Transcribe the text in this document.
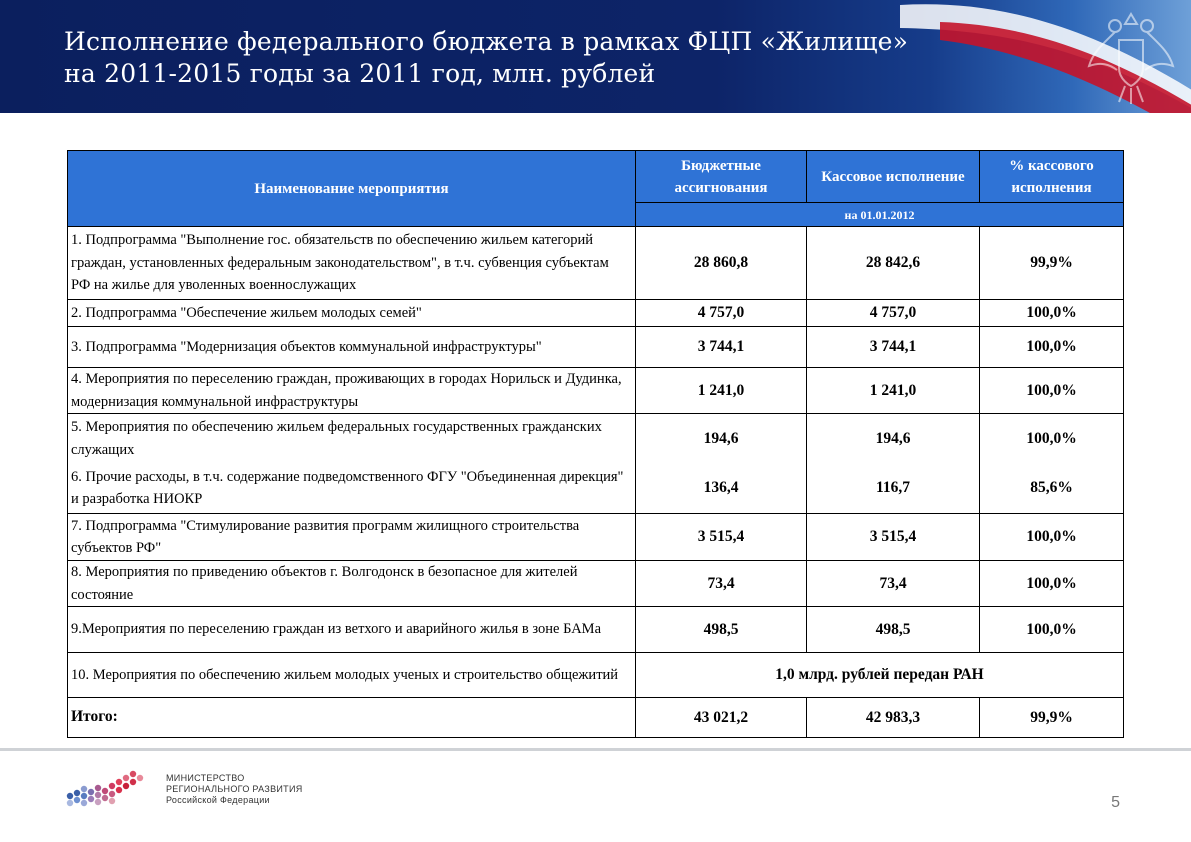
Исполнение федерального бюджета в рамках ФЦП «Жилище»
на 2011-2015 годы за 2011 год, млн. рублей
Наименование мероприятия	Бюджетные ассигнования	Кассовое исполнение	% кассового исполнения
	на 01.01.2012		
1. Подпрограмма "Выполнение гос. обязательств по обеспечению жильем категорий граждан, установленных федеральным законодательством", в т.ч. субвенция субъектам РФ на жилье для уволенных военнослужащих	28 860,8	28 842,6	99,9%
2. Подпрограмма "Обеспечение жильем молодых семей"	4 757,0	4 757,0	100,0%
3. Подпрограмма "Модернизация объектов коммунальной инфраструктуры"	3 744,1	3 744,1	100,0%
4. Мероприятия по переселению граждан, проживающих в городах Норильск и Дудинка, модернизация коммунальной инфраструктуры	1 241,0	1 241,0	100,0%
5. Мероприятия по обеспечению жильем федеральных государственных гражданских служащих	194,6	194,6	100,0%
6. Прочие расходы, в т.ч. содержание подведомственного ФГУ "Объединенная дирекция" и разработка НИОКР	136,4	116,7	85,6%
7. Подпрограмма "Стимулирование развития программ жилищного строительства субъектов РФ"	3 515,4	3 515,4	100,0%
8. Мероприятия по приведению объектов г. Волгодонск в безопасное для жителей состояние	73,4	73,4	100,0%
9.Мероприятия по переселению граждан из ветхого и аварийного жилья в зоне БАМа	498,5	498,5	100,0%
10. Мероприятия по обеспечению жильем молодых ученых и строительство общежитий	1,0 млрд. рублей передан РАН		
Итого:	43 021,2	42 983,3	99,9%
МИНИСТЕРСТВО
РЕГИОНАЛЬНОГО РАЗВИТИЯ
Российской Федерации	5
